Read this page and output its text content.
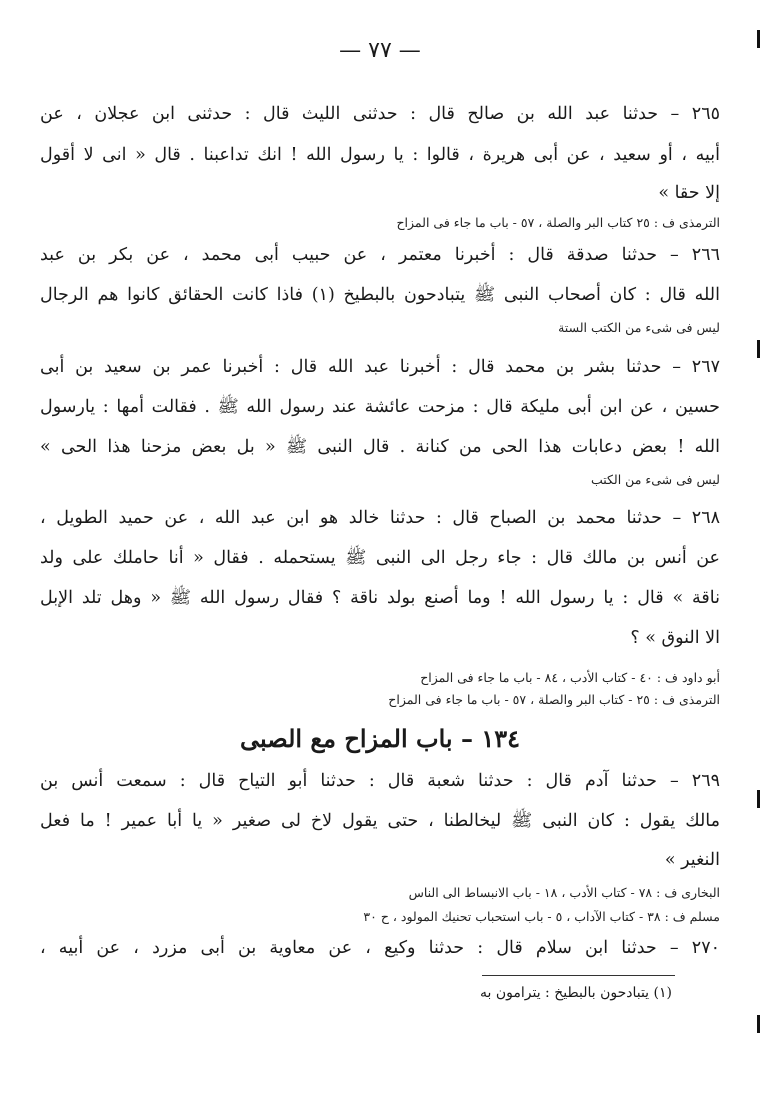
— ٧٧ —
٢٦٥ – حدثنا عبد الله بن صالح قال : حدثنى الليث قال : حدثنى ابن عجلان ، عن
أبيه ، أو سعيد ، عن أبى هريرة ، قالوا : يا رسول الله ! انك تداعبنا . قال « انى لا أقول
إلا حقا »
الترمذى ف : ٢٥ كتاب البر والصلة ، ٥٧ - باب ما جاء فى المزاح
٢٦٦ – حدثنا صدقة قال : أخبرنا معتمر ، عن حبيب أبى محمد ، عن بكر بن عبد
الله قال : كان أصحاب النبى ﷺ يتبادحون بالبطيخ (١) فاذا كانت الحقائق كانوا هم الرجال
ليس فى شىء من الكتب الستة
٢٦٧ – حدثنا بشر بن محمد قال : أخبرنا عبد الله قال : أخبرنا عمر بن سعيد بن أبى
حسين ، عن ابن أبى مليكة قال : مزحت عائشة عند رسول الله ﷺ . فقالت أمها : يارسول
الله ! بعض دعابات هذا الحى من كنانة . قال النبى ﷺ « بل بعض مزحنا هذا الحى »
ليس فى شىء من الكتب
٢٦٨ – حدثنا محمد بن الصباح قال : حدثنا خالد هو ابن عبد الله ، عن حميد الطويل ،
عن أنس بن مالك قال : جاء رجل الى النبى ﷺ يستحمله . فقال « أنا حاملك على ولد
ناقة » قال : يا رسول الله ! وما أصنع بولد ناقة ؟ فقال رسول الله ﷺ « وهل تلد الإبل
الا النوق » ؟
أبو داود ف : ٤٠ - كتاب الأدب ، ٨٤ - باب ما جاء فى المزاح
الترمذى ف : ٢٥ - كتاب البر والصلة ، ٥٧ - باب ما جاء فى المزاح
١٣٤ – باب المزاح مع الصبى
٢٦٩ – حدثنا آدم قال : حدثنا شعبة قال : حدثنا أبو التياح قال : سمعت أنس بن
مالك يقول : كان النبى ﷺ ليخالطنا ، حتى يقول لاخ لى صغير « يا أبا عمير ! ما فعل
النغير »
البخارى ف : ٧٨ - كتاب الأدب ، ١٨ - باب الانبساط الى الناس
مسلم ف : ٣٨ - كتاب الآداب ، ٥ - باب استحباب تحنيك المولود ، ح ٣٠
٢٧٠ – حدثنا ابن سلام قال : حدثنا وكيع ، عن معاوية بن أبى مزرد ، عن أبيه ،
(١) يتبادحون بالبطيخ : يترامون به
